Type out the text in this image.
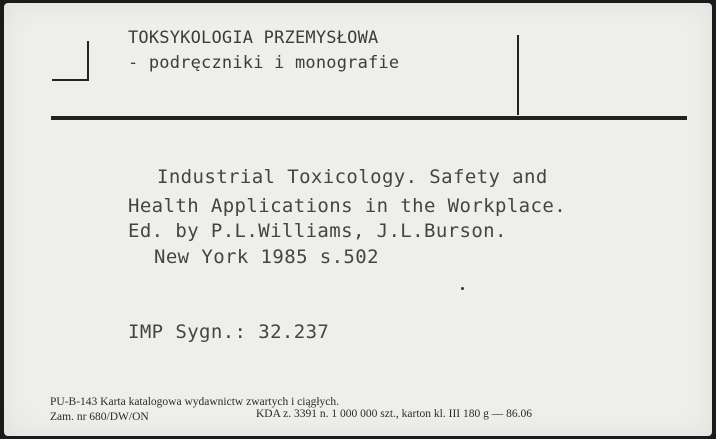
TOKSYKOLOGIA PRZEMYSŁOWA
- podręczniki i monografie
Industrial Toxicology. Safety and
Health Applications in the Workplace.
Ed. by P.L.Williams, J.L.Burson.
New York 1985 s.502
IMP Sygn.: 32.237
PU-B-143 Karta katalogowa wydawnictw zwartych i ciągłych.
Zam. nr 680/DW/ON	KDA z. 3391 n. 1 000 000 szt., karton kl. III 180 g — 86.06
